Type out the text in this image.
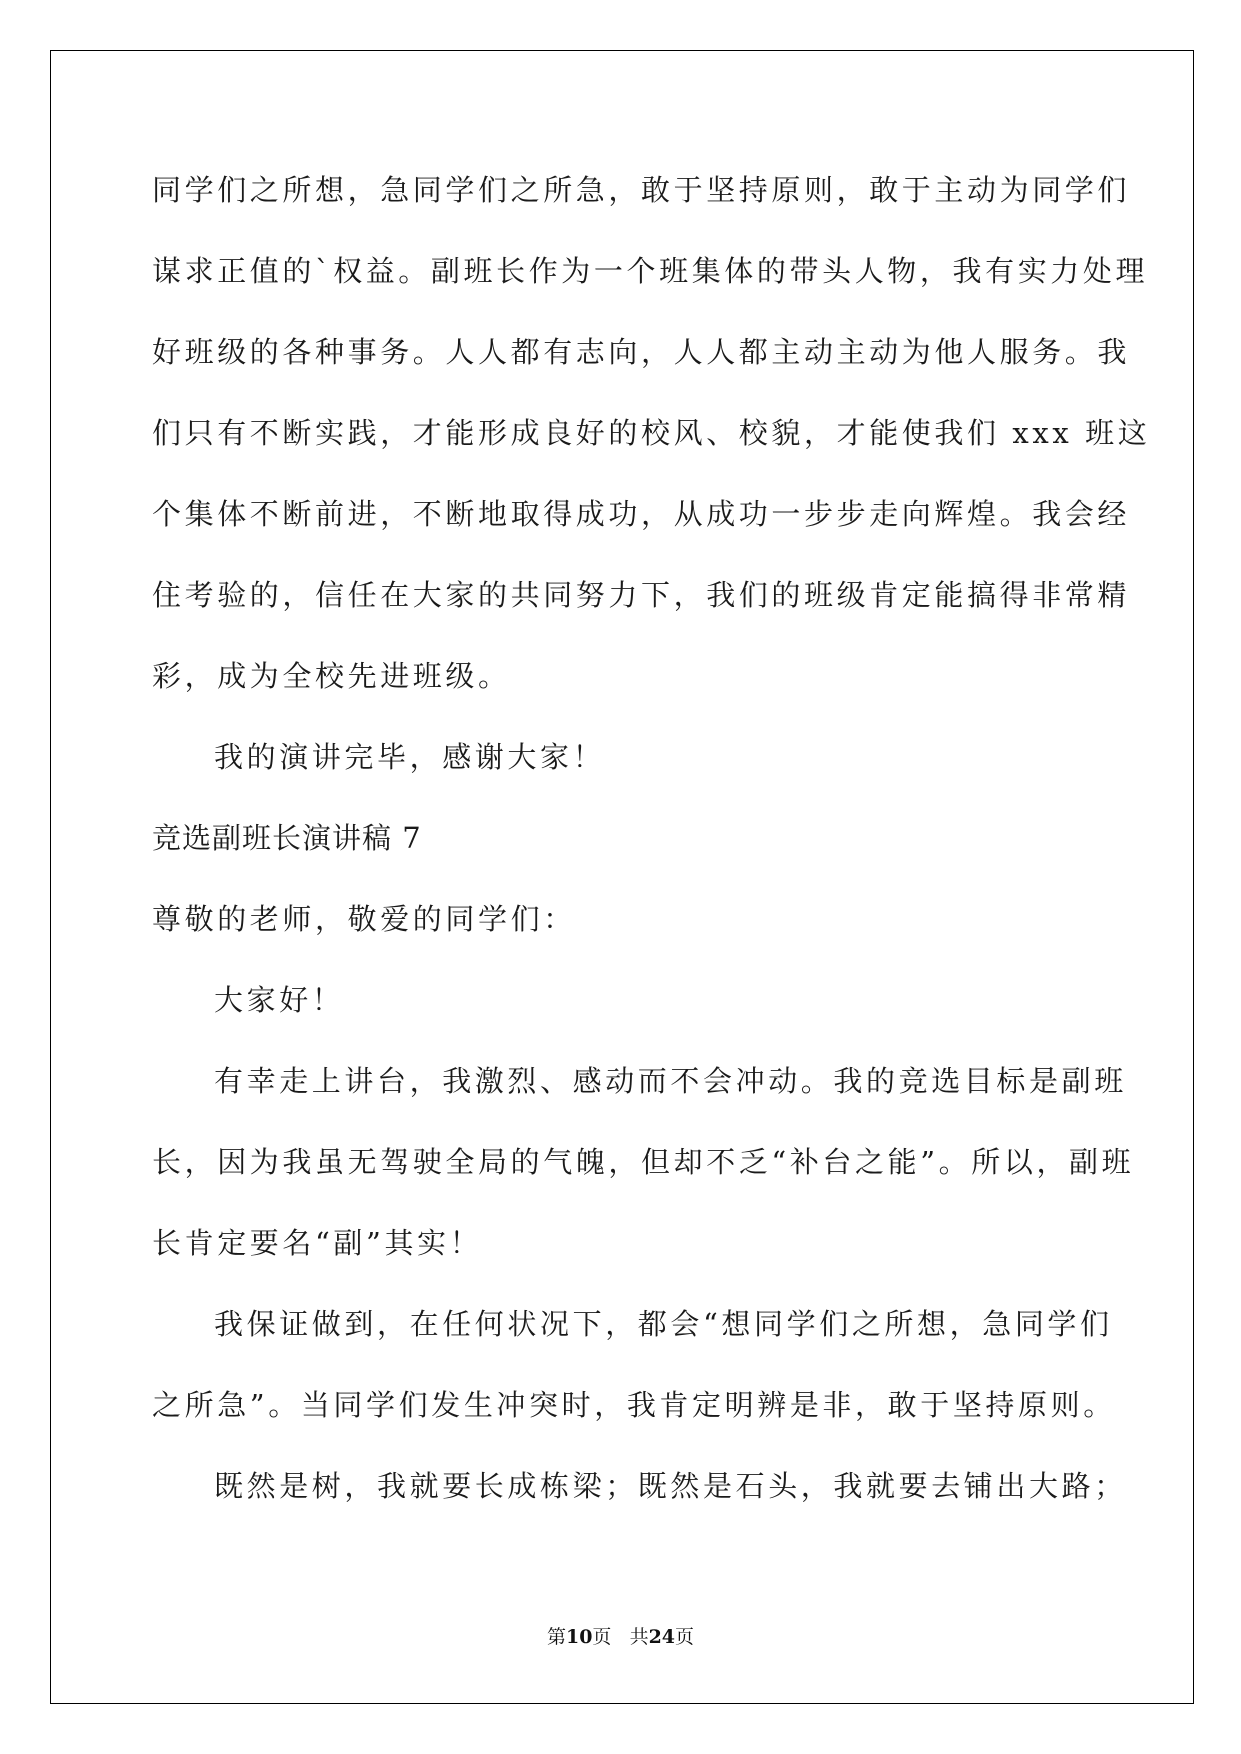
同学们之所想，急同学们之所急，敢于坚持原则，敢于主动为同学们
谋求正值的`权益。副班长作为一个班集体的带头人物，我有实力处理
好班级的各种事务。人人都有志向，人人都主动主动为他人服务。我
们只有不断实践，才能形成良好的校风、校貌，才能使我们 xxx 班这
个集体不断前进，不断地取得成功，从成功一步步走向辉煌。我会经
住考验的，信任在大家的共同努力下，我们的班级肯定能搞得非常精
彩，成为全校先进班级。
我的演讲完毕，感谢大家！
竞选副班长演讲稿 7
尊敬的老师，敬爱的同学们：
大家好！
有幸走上讲台，我激烈、感动而不会冲动。我的竞选目标是副班
长，因为我虽无驾驶全局的气魄，但却不乏“补台之能”。所以，副班
长肯定要名“副”其实！
我保证做到，在任何状况下，都会“想同学们之所想，急同学们
之所急”。当同学们发生冲突时，我肯定明辨是非，敢于坚持原则。
既然是树，我就要长成栋梁；既然是石头，我就要去铺出大路；
第10页 共24页
